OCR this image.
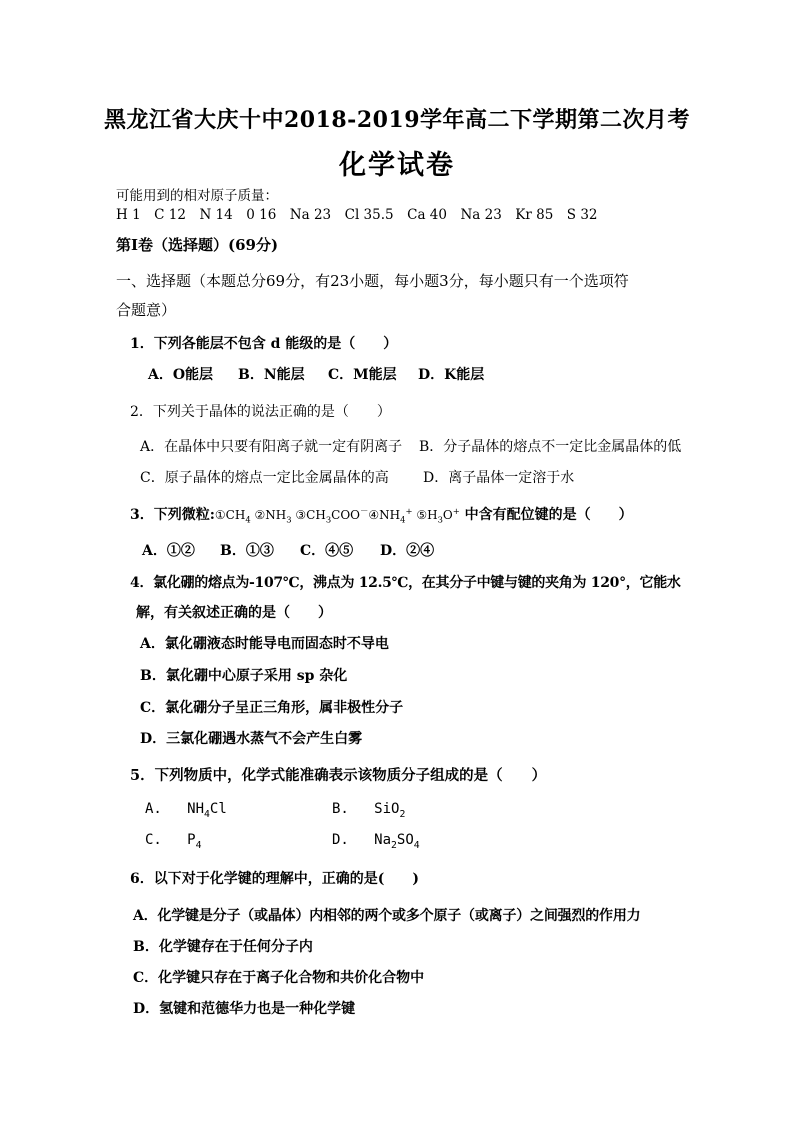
黑龙江省大庆十中2018-2019学年高二下学期第二次月考
化学试卷
可能用到的相对原子质量：
H 1　C 12　N 14　0 16　Na 23　Cl 35.5　Ca 40　Na 23　Kr 85　S 32
第Ⅰ卷（选择题）(69分)
一、选择题（本题总分69分，有23小题，每小题3分，每小题只有一个选项符
合题意）
1．下列各能层不包含 d 能级的是（　　）
A．O能层 B．N能层 C．M能层 D．K能层
2．下列关于晶体的说法正确的是（　　）
A．在晶体中只要有阳离子就一定有阴离子 B．分子晶体的熔点不一定比金属晶体的低
C．原子晶体的熔点一定比金属晶体的高 D．离子晶体一定溶于水
3．下列微粒$:①CH_4$ $②NH_3$ $③CH_3COO^-④NH_4^+$ $⑤H_3O^+$ 中含有配位键的是（　　）
A．①② B．①③ C．④⑤ D．②④
4．氯化硼的熔点为-107℃，沸点为 12.5℃，在其分子中键与键的夹角为 120°，它能水
解，有关叙述正确的是（　　）
A．氯化硼液态时能导电而固态时不导电
B．氯化硼中心原子采用 sp 杂化
C．氯化硼分子呈正三角形，属非极性分子
D．三氯化硼遇水蒸气不会产生白雾
5．下列物质中，化学式能准确表示该物质分子组成的是（　　）
A. $NH_4Cl$	B. SiO$_2$
C. $P_4$	D. $Na_2SO_4$
6．以下对于化学键的理解中，正确的是(　　)
A．化学键是分子（或晶体）内相邻的两个或多个原子（或离子）之间强烈的作用力
B．化学键存在于任何分子内
C．化学键只存在于离子化合物和共价化合物中
D．氢键和范德华力也是一种化学键
